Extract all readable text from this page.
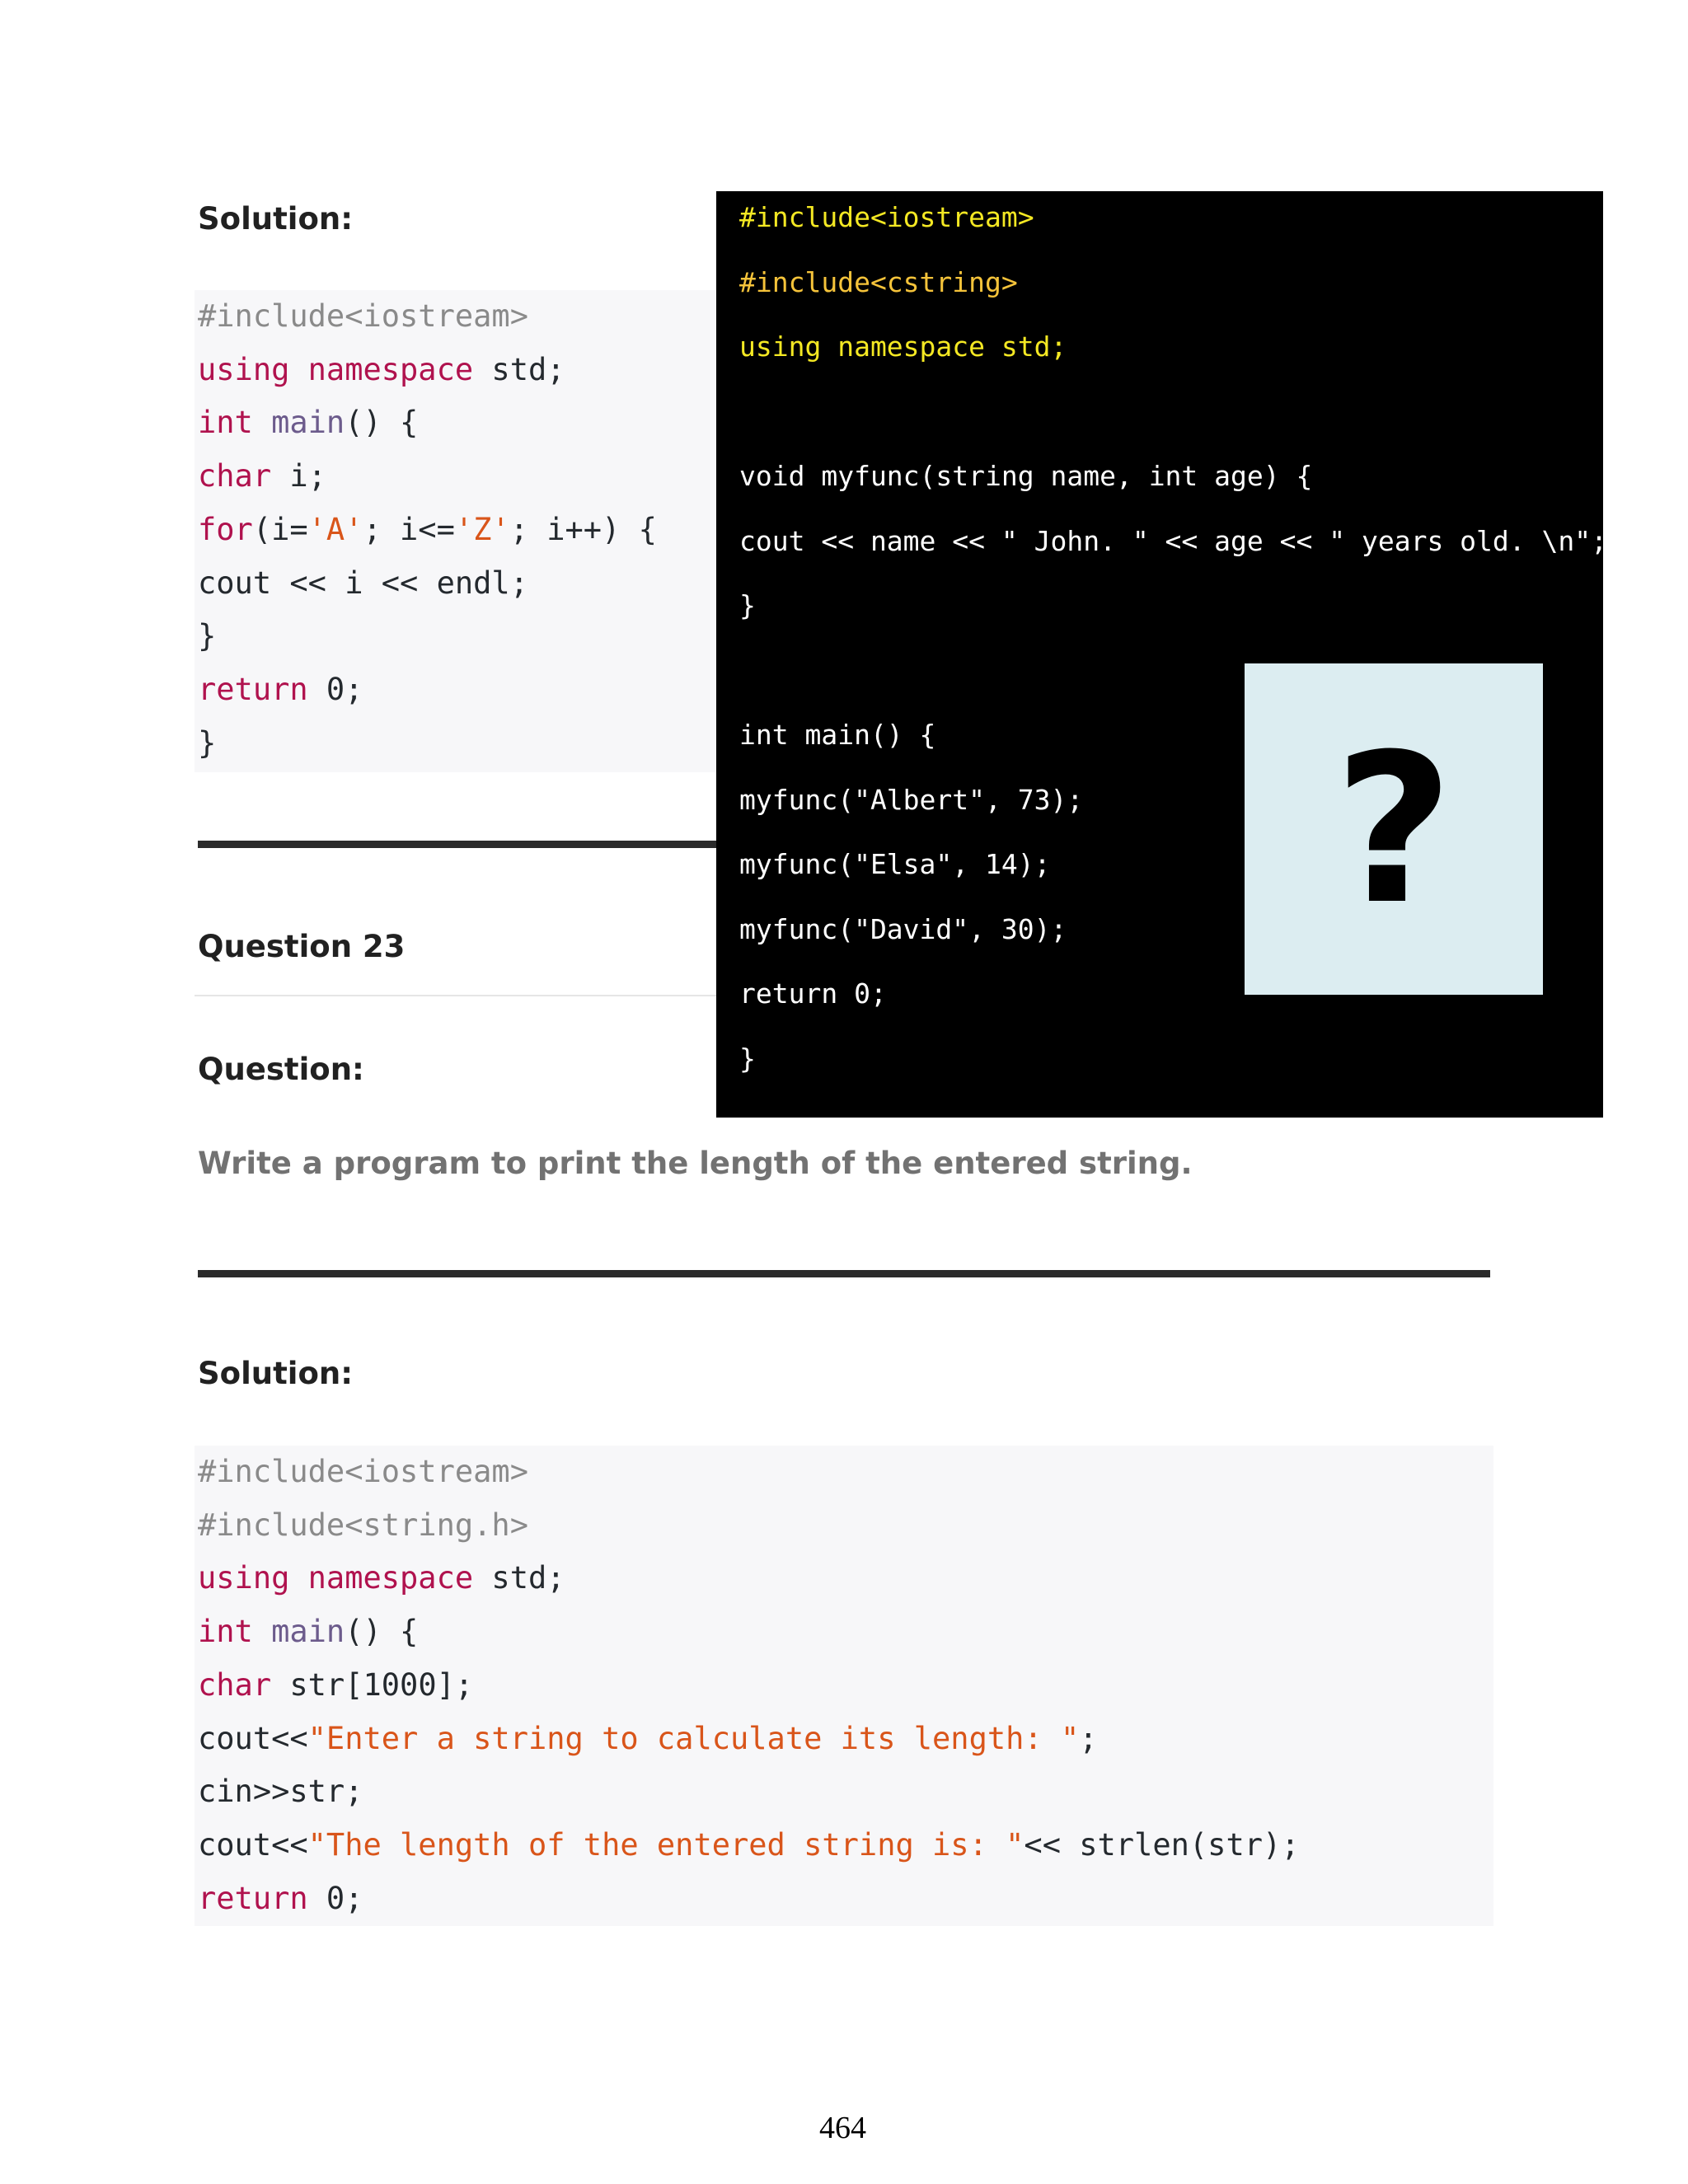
Solution:
#include<iostream>
using namespace std;
int main() {
char i;
for(i='A'; i<='Z'; i++) {
cout << i << endl;
}
return 0;
}
Question 23
Question:
Write a program to print the length of the entered string.
Solution:
#include<iostream>
#include<string.h>
using namespace std;
int main() {
char str[1000];
cout<<"Enter a string to calculate its length: ";
cin>>str;
cout<<"The length of the entered string is: "<< strlen(str);
return 0;
?
#include<iostream>
#include<cstring>
using namespace std;
void myfunc(string name, int age) {
cout << name << " John. " << age << " years old. \n";
}
int main() {
myfunc("Albert", 73);
myfunc("Elsa", 14);
myfunc("David", 30);
return 0;
}
464
